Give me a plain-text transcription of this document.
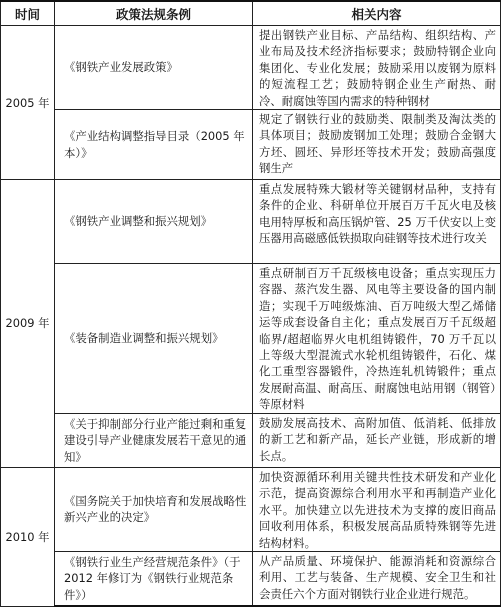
时间	政策法规条例	相关内容
2005 年	《钢铁产业发展政策》	提出钢铁产业目标、产品结构、组织结构、产业布局及技术经济指标要求；鼓励特钢企业向集团化、专业化发展；鼓励采用以废钢为原料的短流程工艺；鼓励特钢企业生产耐热、耐冷、耐腐蚀等国内需求的特种钢材
	《产业结构调整指导目录（2005 年本）》	规定了钢铁行业的鼓励类、限制类及淘汰类的具体项目；鼓励废钢加工处理；鼓励合金钢大方坯、圆坯、异形坯等技术开发；鼓励高强度钢生产
2009 年	《钢铁产业调整和振兴规划》	重点发展特殊大锻材等关键钢材品种，支持有条件的企业、科研单位开展百万千瓦火电及核电用特厚板和高压锅炉管、25 万千伏安以上变压器用高磁感低铁损取向硅钢等技术进行攻关
	《装备制造业调整和振兴规划》	重点研制百万千瓦级核电设备；重点实现压力容器、蒸汽发生器、风电等主要设备的国内制造；实现千万吨级炼油、百万吨级大型乙烯储运等成套设备自主化；重点发展百万千瓦级超临界/超超临界火电机组铸锻件，70 万千瓦以上等级大型混流式水轮机组铸锻件，石化、煤化工重型容器锻件，冷热连轧机铸锻件；重点发展耐高温、耐高压、耐腐蚀电站用钢（钢管）等原材料
	《关于抑制部分行业产能过剩和重复建设引导产业健康发展若干意见的通知》	鼓励发展高技术、高附加值、低消耗、低排放的新工艺和新产品，延长产业链，形成新的增长点。
2010 年	《国务院关于加快培育和发展战略性新兴产业的决定》	加快资源循环利用关键共性技术研发和产业化示范，提高资源综合利用水平和再制造产业化水平。加快建立以先进技术为支撑的废旧商品回收利用体系，积极发展高品质特殊钢等先进结构材料。
	《钢铁行业生产经营规范条件》（于 2012 年修订为《钢铁行业规范条件》）	从产品质量、环境保护、能源消耗和资源综合利用、工艺与装备、生产规模、安全卫生和社会责任六个方面对钢铁行业企业进行规范。
